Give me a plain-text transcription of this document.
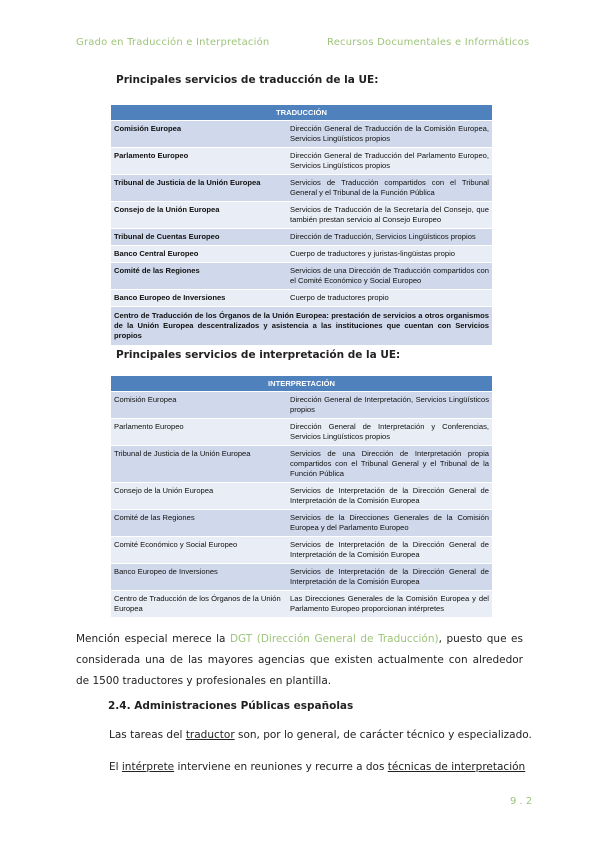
Grado en Traducción e Interpretación	Recursos Documentales e Informáticos
Principales servicios de traducción de la UE:
TRADUCCIÓN	
Comisión Europea	Dirección General de Traducción de la Comisión Europea, Servicios Lingüísticos propios
Parlamento Europeo	Dirección General de Traducción del Parlamento Europeo, Servicios Lingüísticos propios
Tribunal de Justicia de la Unión Europea	Servicios de Traducción compartidos con el Tribunal General y el Tribunal de la Función Pública
Consejo de la Unión Europea	Servicios de Traducción de la Secretaría del Consejo, que también prestan servicio al Consejo Europeo
Tribunal de Cuentas Europeo	Dirección de Traducción, Servicios Lingüísticos propios
Banco Central Europeo	Cuerpo de traductores y juristas-lingüistas propio
Comité de las Regiones	Servicios de una Dirección de Traducción compartidos con el Comité Económico y Social Europeo
Banco Europeo de Inversiones	Cuerpo de traductores propio
Centro de Traducción de los Órganos de la Unión Europea: prestación de servicios a otros organismos de la Unión Europea descentralizados y asistencia a las instituciones que cuentan con Servicios propios	
Principales servicios de interpretación de la UE:
INTERPRETACIÓN	
Comisión Europea	Dirección General de Interpretación, Servicios Lingüísticos propios
Parlamento Europeo	Dirección General de Interpretación y Conferencias, Servicios Lingüísticos propios
Tribunal de Justicia de la Unión Europea	Servicios de una Dirección de Interpretación propia compartidos con el Tribunal General y el Tribunal de la Función Pública
Consejo de la Unión Europea	Servicios de Interpretación de la Dirección General de Interpretación de la Comisión Europea
Comité de las Regiones	Servicios de la Direcciones Generales de la Comisión Europea y del Parlamento Europeo
Comité Económico y Social Europeo	Servicios de Interpretación de la Dirección General de Interpretación de la Comisión Europea
Banco Europeo de Inversiones	Servicios de Interpretación de la Dirección General de Interpretación de la Comisión Europea
Centro de Traducción de los Órganos de la Unión Europea	Las Direcciones Generales de la Comisión Europea y del Parlamento Europeo proporcionan intérpretes
Mención especial merece la DGT (Dirección General de Traducción), puesto que es considerada una de las mayores agencias que existen actualmente con alrededor de 1500 traductores y profesionales en plantilla.
2.4. Administraciones Públicas españolas
Las tareas del traductor son, por lo general, de carácter técnico y especializado.
El intérprete interviene en reuniones y recurre a dos técnicas de interpretación
9 . 2
